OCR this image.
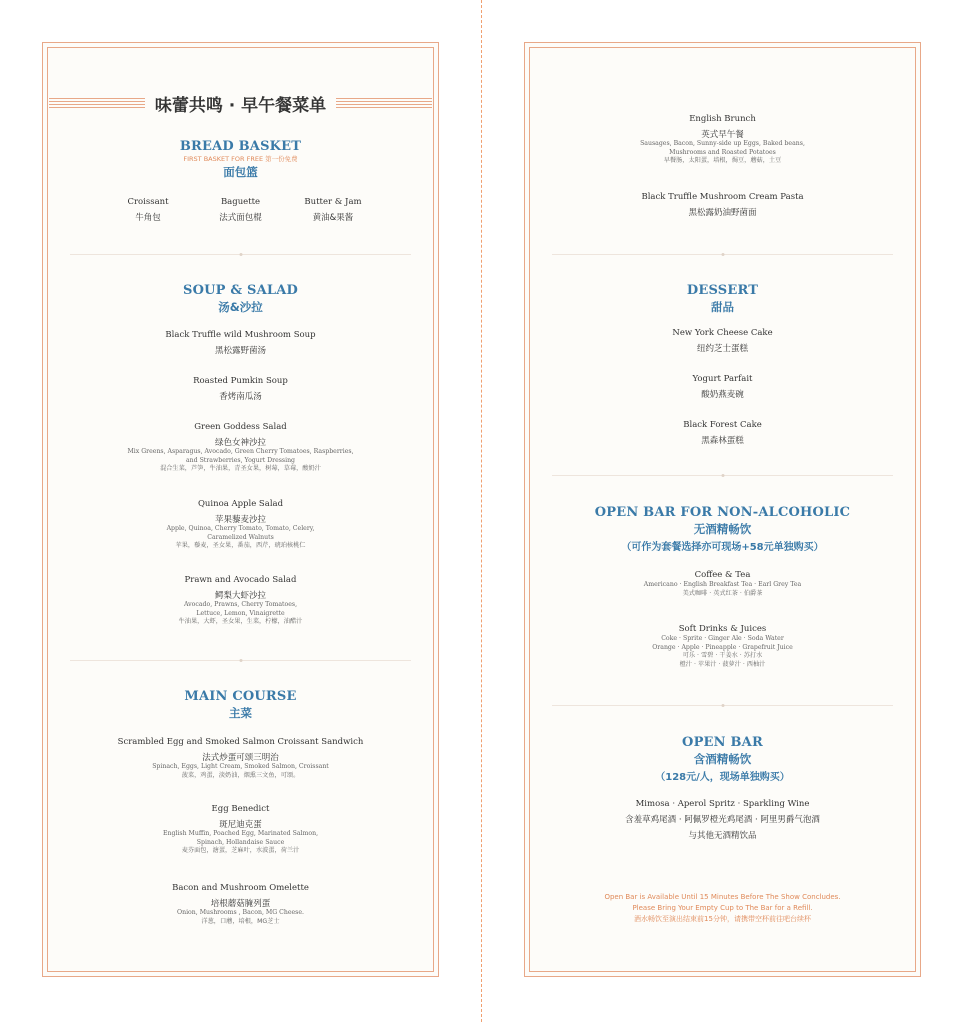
味蕾共鸣 · 早午餐菜单
BREAD BASKET
FIRST BASKET FOR FREE 第一份免费
面包篮
Croissant
牛角包
Baguette
法式面包棍
Butter & Jam
黄油&果酱
SOUP & SALAD
汤&沙拉
Black Truffle wild Mushroom Soup
黑松露野菌汤
Roasted Pumkin Soup
香烤南瓜汤
Green Goddess Salad
绿色女神沙拉
Mix Greens, Asparagus, Avocado, Green Cherry Tomatoes, Raspberries,
and Strawberries, Yogurt Dressing
混合生菜，芦笋，牛油果，青圣女果，树莓，草莓，酸奶汁
Quinoa Apple Salad
苹果藜麦沙拉
Apple, Quinoa, Cherry Tomato, Tomato, Celery,
Caramelized Walnuts
苹果，藜麦，圣女果，番茄，西芹，琥珀核桃仁
Prawn and Avocado Salad
鳄梨大虾沙拉
Avocado, Prawns, Cherry Tomatoes,
Lettuce, Lemon, Vinaigrette
牛油果，大虾，圣女果，生菜，柠檬，油醋汁
MAIN COURSE
主菜
Scrambled Egg and Smoked Salmon Croissant Sandwich
法式炒蛋可颂三明治
Spinach, Eggs, Light Cream, Smoked Salmon, Croissant
菠菜，鸡蛋，淡奶油，烟熏三文鱼，可颂。
Egg Benedict
斑尼迪克蛋
English Muffin, Poached Egg, Marinated Salmon,
Spinach, Hollandaise Sauce
麦芬面包，溏蛋，芝麻叶，水波蛋，荷兰汁
Bacon and Mushroom Omelette
培根蘑菇腌列蛋
Onion, Mushrooms , Bacon, MG Cheese.
洋葱，口蘑，培根，MG芝士
English Brunch
英式早午餐
Sausages, Bacon, Sunny-side up Eggs, Baked beans,
Mushrooms and Roasted Potatoes
早餐肠，太阳蛋，培根，焗豆，蘑菇，土豆
Black Truffle Mushroom Cream Pasta
黑松露奶油野菌面
DESSERT
甜品
New York Cheese Cake
纽约芝士蛋糕
Yogurt Parfait
酸奶燕麦碗
Black Forest Cake
黑森林蛋糕
OPEN BAR FOR NON-ALCOHOLIC
无酒精畅饮
（可作为套餐选择亦可现场+58元单独购买）
Coffee & Tea
Americano · English Breakfast Tea · Earl Grey Tea
美式咖啡 · 英式红茶 · 伯爵茶
Soft Drinks & Juices
Coke · Sprite · Ginger Ale · Soda Water
Orange · Apple · Pineapple · Grapefruit Juice
可乐 · 雪碧 · 干姜水 · 苏打水
橙汁 · 苹果汁 · 菠萝汁 · 西柚汁
OPEN BAR
含酒精畅饮
（128元/人，现场单独购买）
Mimosa · Aperol Spritz · Sparkling Wine
含羞草鸡尾酒 · 阿佩罗橙光鸡尾酒 · 阿里男爵气泡酒
与其他无酒精饮品
Open Bar is Available Until 15 Minutes Before The Show Concludes.
Please Bring Your Empty Cup to The Bar for a Refill.
酒水畅饮至演出结束前15分钟，请携带空杯前往吧台续杯
